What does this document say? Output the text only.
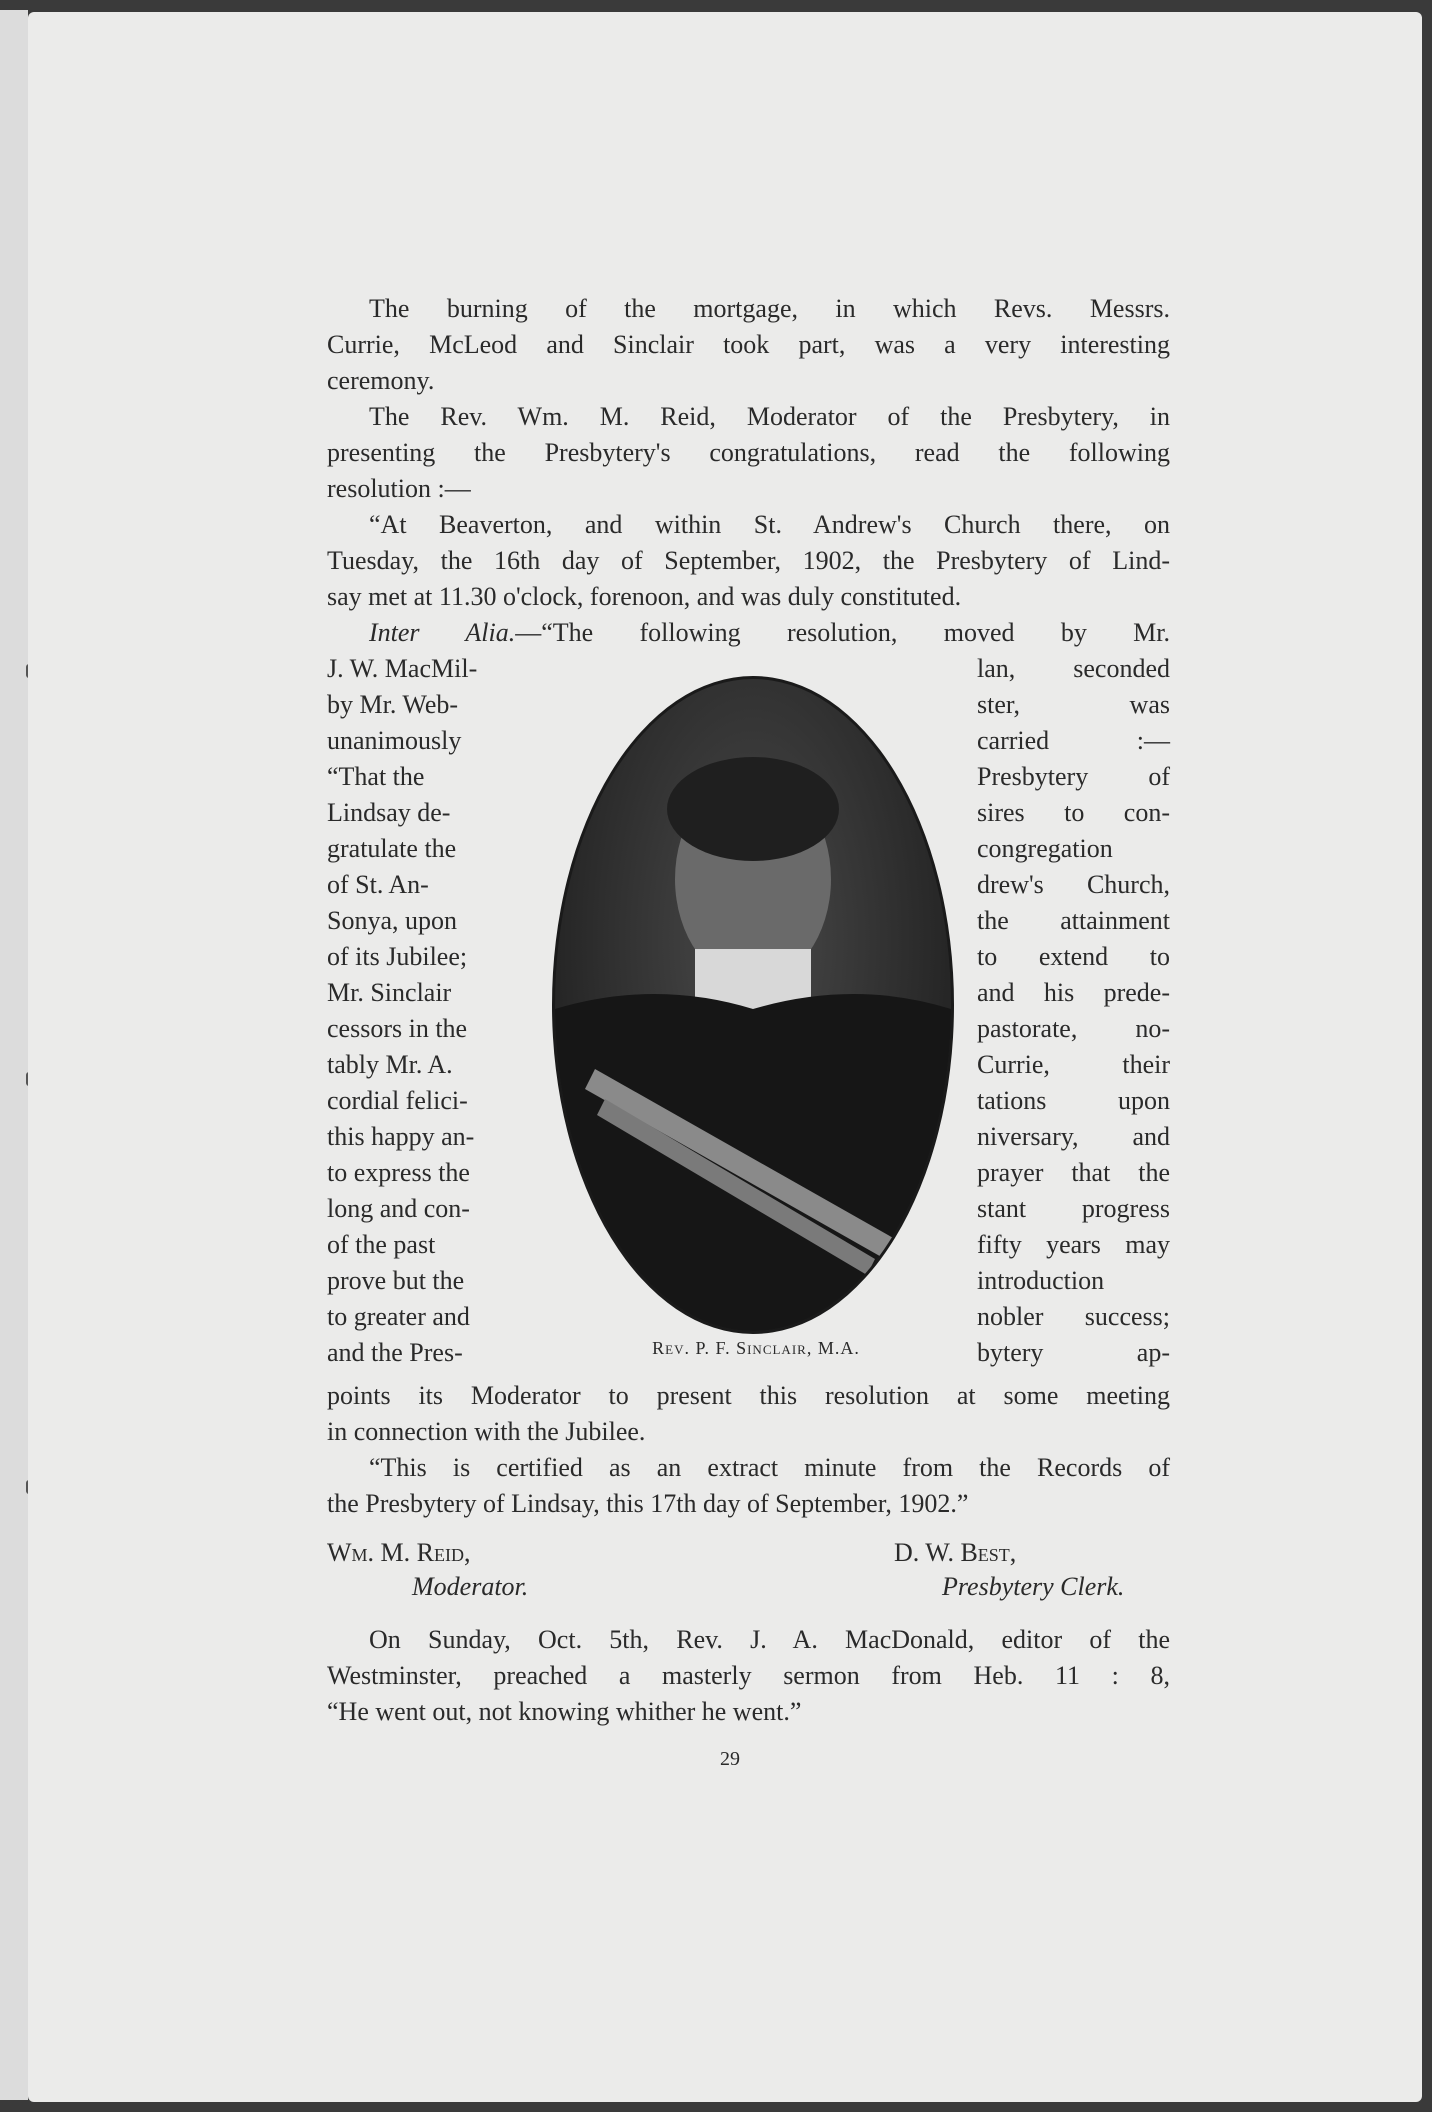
The burning of the mortgage, in which Revs. Messrs.
Currie, McLeod and Sinclair took part, was a very interesting
ceremony.
The Rev. Wm. M. Reid, Moderator of the Presbytery, in
presenting the Presbytery's congratulations, read the following
resolution :—
“At Beaverton, and within St. Andrew's Church there, on
Tuesday, the 16th day of September, 1902, the Presbytery of Lind-
say met at 11.30 o'clock, forenoon, and was duly constituted.
Inter Alia.—“The following resolution, moved by Mr.
J. W. MacMil-
by Mr. Web-
unanimously
“That the
Lindsay de-
gratulate the
of St. An-
Sonya, upon
of its Jubilee;
Mr. Sinclair
cessors in the
tably Mr. A.
cordial felici-
this happy an-
to express the
long and con-
of the past
prove but the
to greater and
and the Pres-
lan, seconded
ster, was
carried :—
Presbytery of
sires to con-
congregation
drew's Church,
the attainment
to extend to
and his prede-
pastorate, no-
Currie, their
tations upon
niversary, and
prayer that the
stant progress
fifty years may
introduction
nobler success;
bytery ap-
points its Moderator to present this resolution at some meeting
in connection with the Jubilee.
“This is certified as an extract minute from the Records of
the Presbytery of Lindsay, this 17th day of September, 1902.”
On Sunday, Oct. 5th, Rev. J. A. MacDonald, editor of the
Westminster, preached a masterly sermon from Heb. 11 : 8,
“He went out, not knowing whither he went.”
Wm. M. Reid,
Moderator.
D. W. Best,
Presbytery Clerk.
Rev. P. F. Sinclair, M.A.
29
